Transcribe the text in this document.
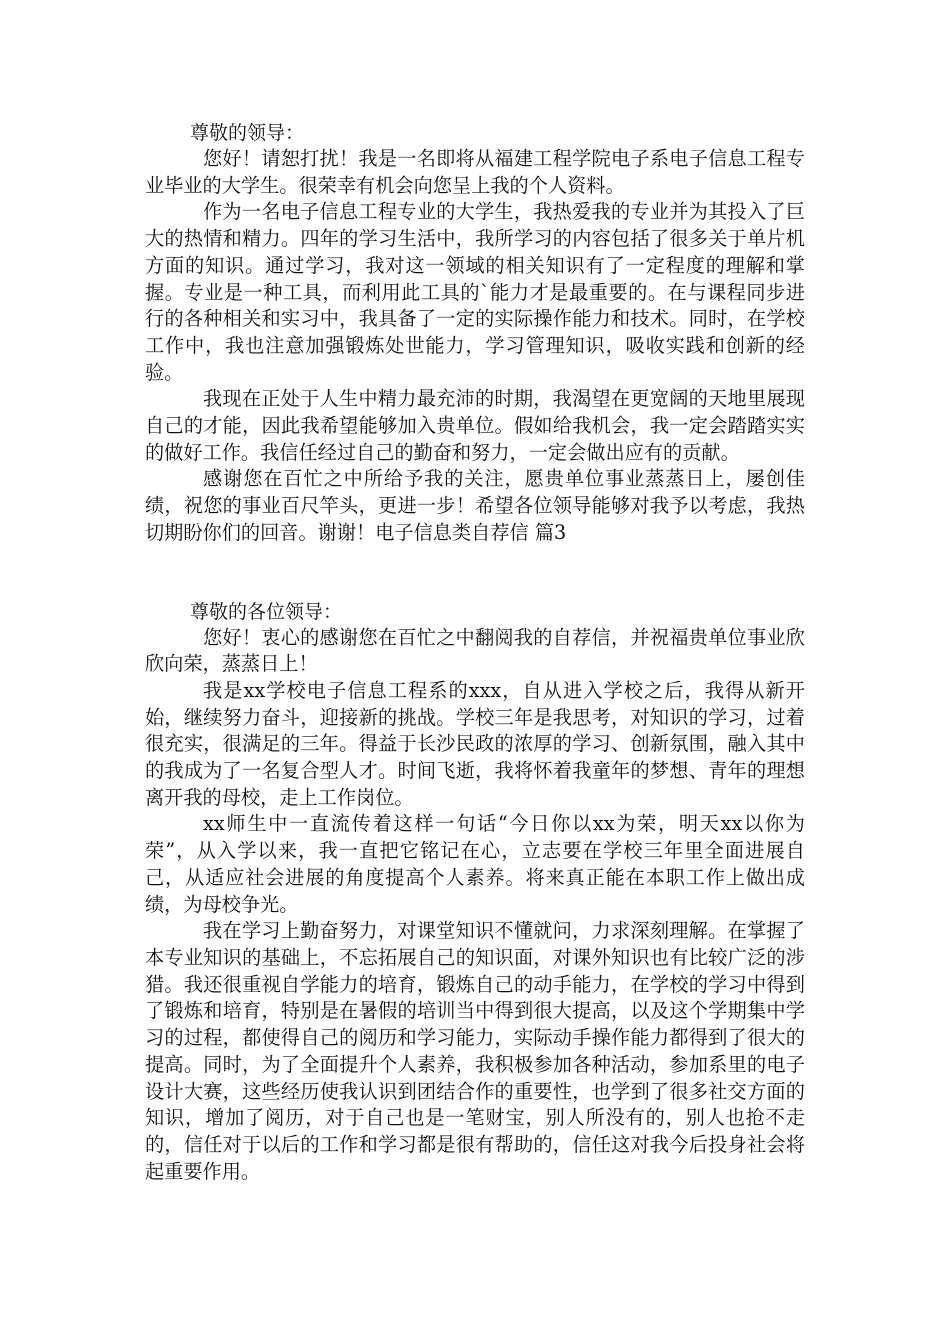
尊敬的领导：

您好！请恕打扰！我是一名即将从福建工程学院电子系电子信息工程专业毕业的大学生。很荣幸有机会向您呈上我的个人资料。

作为一名电子信息工程专业的大学生，我热爱我的专业并为其投入了巨大的热情和精力。四年的学习生活中，我所学习的内容包括了很多关于单片机方面的知识。通过学习，我对这一领域的相关知识有了一定程度的理解和掌握。专业是一种工具，而利用此工具的`能力才是最重要的。在与课程同步进行的各种相关和实习中，我具备了一定的实际操作能力和技术。同时，在学校工作中，我也注意加强锻炼处世能力，学习管理知识，吸收实践和创新的经验。

我现在正处于人生中精力最充沛的时期，我渴望在更宽阔的天地里展现自己的才能，因此我希望能够加入贵单位。假如给我机会，我一定会踏踏实实的做好工作。我信任经过自己的勤奋和努力，一定会做出应有的贡献。

感谢您在百忙之中所给予我的关注，愿贵单位事业蒸蒸日上，屡创佳绩，祝您的事业百尺竿头，更进一步！希望各位领导能够对我予以考虑，我热切期盼你们的回音。谢谢！电子信息类自荐信 篇3

尊敬的各位领导：

您好！衷心的感谢您在百忙之中翻阅我的自荐信，并祝福贵单位事业欣欣向荣，蒸蒸日上！

我是xx学校电子信息工程系的xxx，自从进入学校之后，我得从新开始，继续努力奋斗，迎接新的挑战。学校三年是我思考，对知识的学习，过着很充实，很满足的三年。得益于长沙民政的浓厚的学习、创新氛围，融入其中的我成为了一名复合型人才。时间飞逝，我将怀着我童年的梦想、青年的理想离开我的母校，走上工作岗位。

xx师生中一直流传着这样一句话“今日你以xx为荣，明天xx以你为荣”，从入学以来，我一直把它铭记在心，立志要在学校三年里全面进展自己，从适应社会进展的角度提高个人素养。将来真正能在本职工作上做出成绩，为母校争光。

我在学习上勤奋努力，对课堂知识不懂就问，力求深刻理解。在掌握了本专业知识的基础上，不忘拓展自己的知识面，对课外知识也有比较广泛的涉猎。我还很重视自学能力的培育，锻炼自己的动手能力，在学校的学习中得到了锻炼和培育，特别是在暑假的培训当中得到很大提高，以及这个学期集中学习的过程，都使得自己的阅历和学习能力，实际动手操作能力都得到了很大的提高。同时，为了全面提升个人素养，我积极参加各种活动，参加系里的电子设计大赛，这些经历使我认识到团结合作的重要性，也学到了很多社交方面的知识，增加了阅历，对于自己也是一笔财宝，别人所没有的，别人也抢不走的，信任对于以后的工作和学习都是很有帮助的，信任这对我今后投身社会将起重要作用。
